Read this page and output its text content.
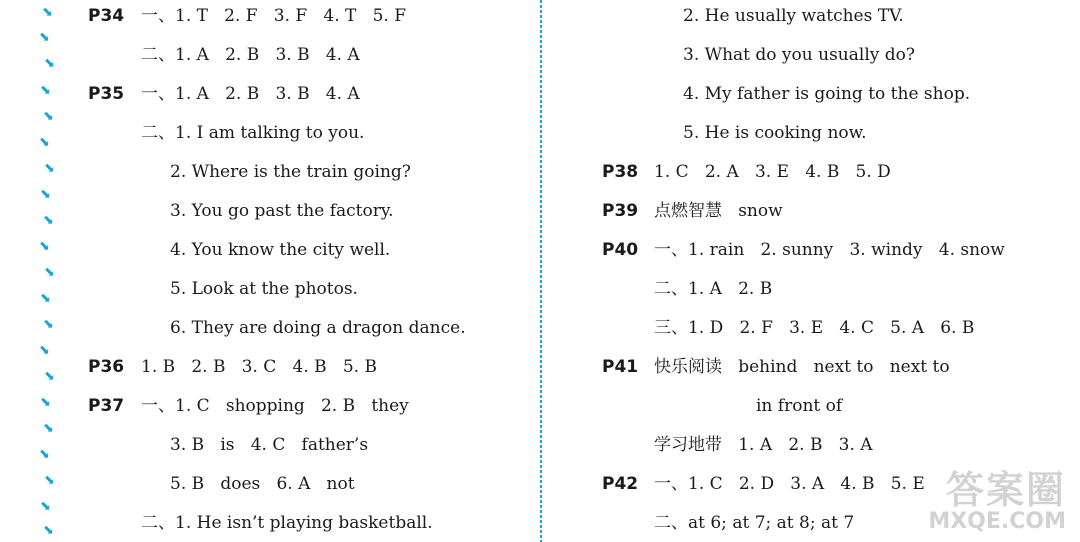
⬊
⬊
⬊
⬊
⬊
⬊
⬊
⬊
⬊
⬊
⬊
⬊
⬊
⬊
⬊
⬊
⬊
⬊
⬊
⬊
⬊
P34 一、1. T   2. F   3. F   4. T   5. F
二、1. A   2. B   3. B   4. A
P35 一、1. A   2. B   3. B   4. A
二、1. I am talking to you.
2. Where is the train going?
3. You go past the factory.
4. You know the city well.
5. Look at the photos.
6. They are doing a dragon dance.
P36 1. B   2. B   3. C   4. B   5. B
P37 一、1. C   shopping   2. B   they
3. B   is   4. C   father’s
5. B   does   6. A   not
二、1. He isn’t playing basketball.
2. He usually watches TV.
3. What do you usually do?
4. My father is going to the shop.
5. He is cooking now.
P38 1. C   2. A   3. E   4. B   5. D
P39 点燃智慧   snow
P40 一、1. rain   2. sunny   3. windy   4. snow
二、1. A   2. B
三、1. D   2. F   3. E   4. C   5. A   6. B
P41 快乐阅读   behind   next to   next to
in front of
学习地带   1. A   2. B   3. A
P42 一、1. C   2. D   3. A   4. B   5. E
二、at 6; at 7; at 8; at 7
答案圈
MXQE.COM
